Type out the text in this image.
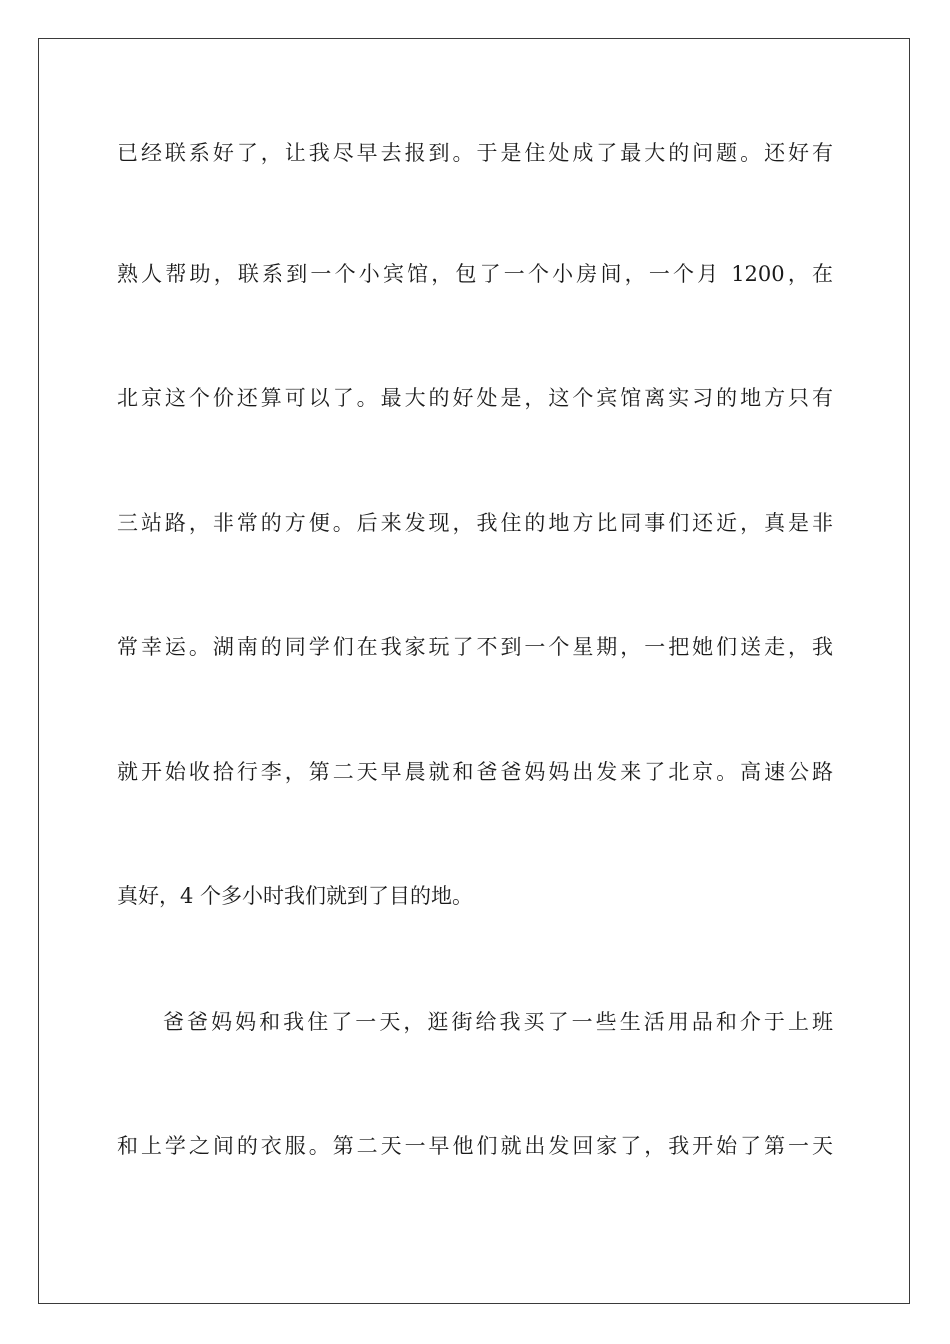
已经联系好了，让我尽早去报到。于是住处成了最大的问题。还好有
熟人帮助，联系到一个小宾馆，包了一个小房间，一个月 1200，在
北京这个价还算可以了。最大的好处是，这个宾馆离实习的地方只有
三站路，非常的方便。后来发现，我住的地方比同事们还近，真是非
常幸运。湖南的同学们在我家玩了不到一个星期，一把她们送走，我
就开始收拾行李，第二天早晨就和爸爸妈妈出发来了北京。高速公路
真好，4 个多小时我们就到了目的地。
爸爸妈妈和我住了一天，逛街给我买了一些生活用品和介于上班
和上学之间的衣服。第二天一早他们就出发回家了，我开始了第一天
